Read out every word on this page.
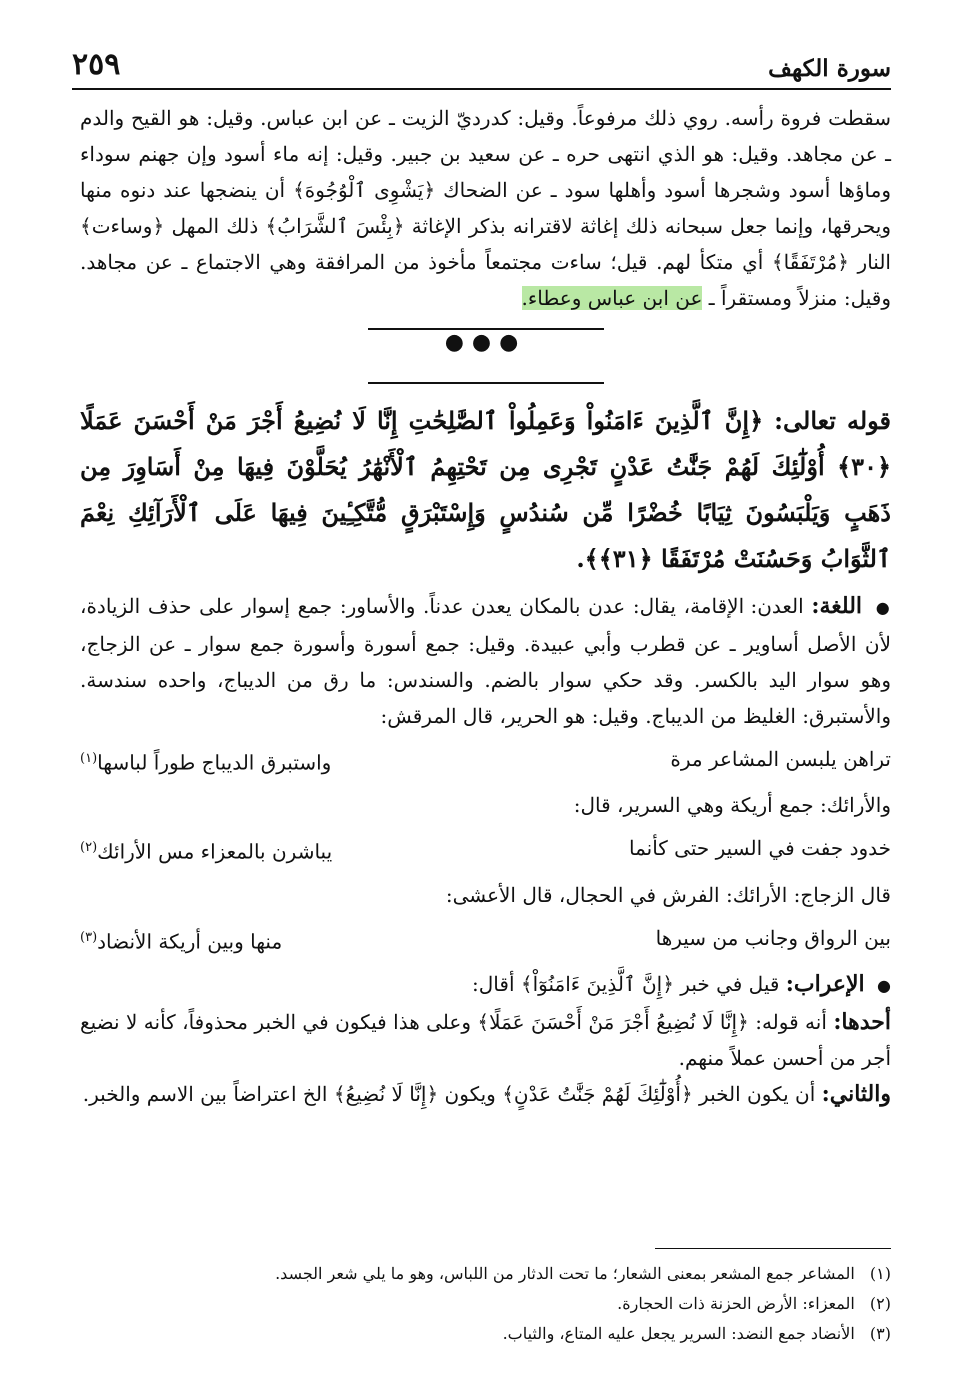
سورة الكهف
٢٥٩

سقطت فروة رأسه. روي ذلك مرفوعاً. وقيل: كدرديّ الزيت ـ عن ابن عباس. وقيل: هو القيح والدم ـ عن مجاهد. وقيل: هو الذي انتهى حره ـ عن سعيد بن جبير. وقيل: إنه ماء أسود وإن جهنم سوداء وماؤها أسود وشجرها أسود وأهلها سود ـ عن الضحاك ﴿يَشْوِى ٱلْوُجُوهَ﴾ أن ينضجها عند دنوه منها ويحرقها، وإنما جعل سبحانه ذلك إغاثة لاقترانه بذكر الإغاثة ﴿بِئْسَ ٱلشَّرَابُ﴾ ذلك المهل ﴿وساءت﴾ النار ﴿مُرْتَفَقًا﴾ أي متكأ لهم. قيل؛ ساءت مجتمعاً مأخوذ من المرافقة وهي الاجتماع ـ عن مجاهد. وقيل: منزلاً ومستقراً ـ عن ابن عباس وعطاء.

●●●

قوله تعالى: ﴿إِنَّ ٱلَّذِينَ ءَامَنُواْ وَعَمِلُواْ ٱلصَّٰلِحَٰتِ إِنَّا لَا نُضِيعُ أَجْرَ مَنْ أَحْسَنَ عَمَلًا ﴿٣٠﴾ أُوْلَٰٓئِكَ لَهُمْ جَنَّٰتُ عَدْنٍ تَجْرِى مِن تَحْتِهِمُ ٱلْأَنْهَٰرُ يُحَلَّوْنَ فِيهَا مِنْ أَسَاوِرَ مِن ذَهَبٍ وَيَلْبَسُونَ ثِيَابًا خُضْرًا مِّن سُندُسٍ وَإِسْتَبْرَقٍ مُّتَّكِـِٔينَ فِيهَا عَلَى ٱلْأَرَآئِكِ نِعْمَ ٱلثَّوَابُ وَحَسُنَتْ مُرْتَفَقًا ﴿٣١﴾﴾.

● اللغة: العدن: الإقامة، يقال: عدن بالمكان يعدن عدناً. والأساور: جمع إسوار على حذف الزيادة، لأن الأصل أساوير ـ عن قطرب وأبي عبيدة. وقيل: جمع أسورة وأسورة جمع سوار ـ عن الزجاج، وهو سوار اليد بالكسر. وقد حكي سوار بالضم. والسندس: ما رق من الديباج، واحده سندسة. والأستبرق: الغليظ من الديباج. وقيل: هو الحرير، قال المرقش:

تراهن يلبسن المشاعر مرة
واستبرق الديباج طوراً لباسها$^{(١)}$

والأرائك: جمع أريكة وهي السرير، قال:

خدود جفت في السير حتى كأنما
يباشرن بالمعزاء مس الأرائك$^{(٢)}$

قال الزجاج: الأرائك: الفرش في الحجال، قال الأعشى:

بين الرواق وجانب من سيرها
منها وبين أريكة الأنضاد$^{(٣)}$

● الإعراب: قيل في خبر ﴿إِنَّ ٱلَّذِينَ ءَامَنُوٓاْ﴾ أقال:

أحدها: أنه قوله: ﴿إِنَّا لَا نُضِيعُ أَجْرَ مَنْ أَحْسَنَ عَمَلًا﴾ وعلى هذا فيكون في الخبر محذوفاً، كأنه لا نضيع أجر من أحسن عملاً منهم.

والثاني: أن يكون الخبر ﴿أُوْلَٰٓئِكَ لَهُمْ جَنَّٰتُ عَدْنٍ﴾ ويكون ﴿إِنَّا لَا نُضِيعُ﴾ الخ اعتراضاً بين الاسم والخبر.

(١) المشاعر جمع المشعر بمعنى الشعار؛ ما تحت الدثار من اللباس، وهو ما يلي شعر الجسد.
(٢) المعزاء: الأرض الحزنة ذات الحجارة.
(٣) الأنضاد جمع النضد: السرير يجعل عليه المتاع، والثياب.
